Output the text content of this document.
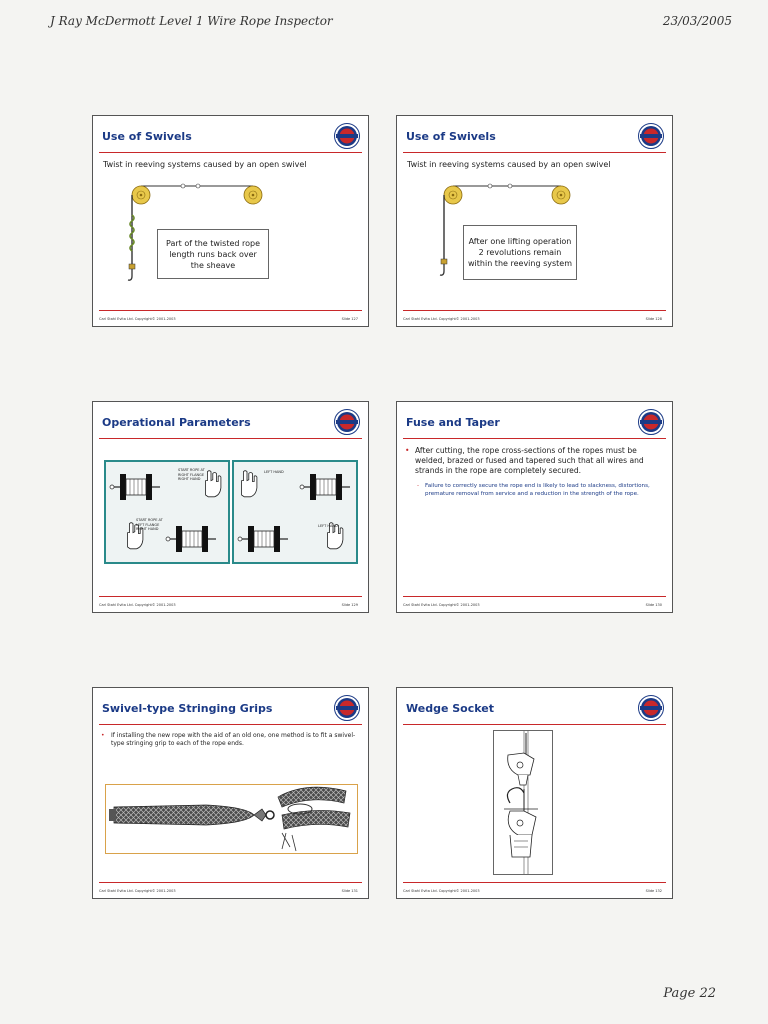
J Ray McDermott Level 1 Wire Rope Inspector	23/03/2005
Use of Swivels
Twist in reeving systems caused by an open swivel
Part of the twisted rope length runs back over the sheave
Carl Stahl Evita Ltd. Copyright© 2001-2003	Slide 127
Use of Swivels
Twist in reeving systems caused by an open swivel
After one lifting operation 2 revolutions remain within the reeving system
Carl Stahl Evita Ltd. Copyright© 2001-2003	Slide 128
Operational Parameters
START ROPE AT RIGHT FLANGE RIGHT HAND
START ROPE AT LEFT FLANGE RIGHT HAND
LEFT HAND
LEFT HAND
Carl Stahl Evita Ltd. Copyright© 2001-2003	Slide 129
Fuse and Taper
• After cutting, the rope cross-sections of the ropes must be welded, brazed or fused and tapered such that all wires and strands in the rope are completely secured.
-	Failure to correctly secure the rope end is likely to lead to slackness, distortions, premature removal from service and a reduction in the strength of the rope.
Carl Stahl Evita Ltd. Copyright© 2001-2003	Slide 130
Swivel-type Stringing Grips
•	If installing the new rope with the aid of an old one, one method is to fit a swivel-type stringing grip to each of the rope ends.
Carl Stahl Evita Ltd. Copyright© 2001-2003	Slide 131
Wedge Socket
Carl Stahl Evita Ltd. Copyright© 2001-2003	Slide 132
Page 22
